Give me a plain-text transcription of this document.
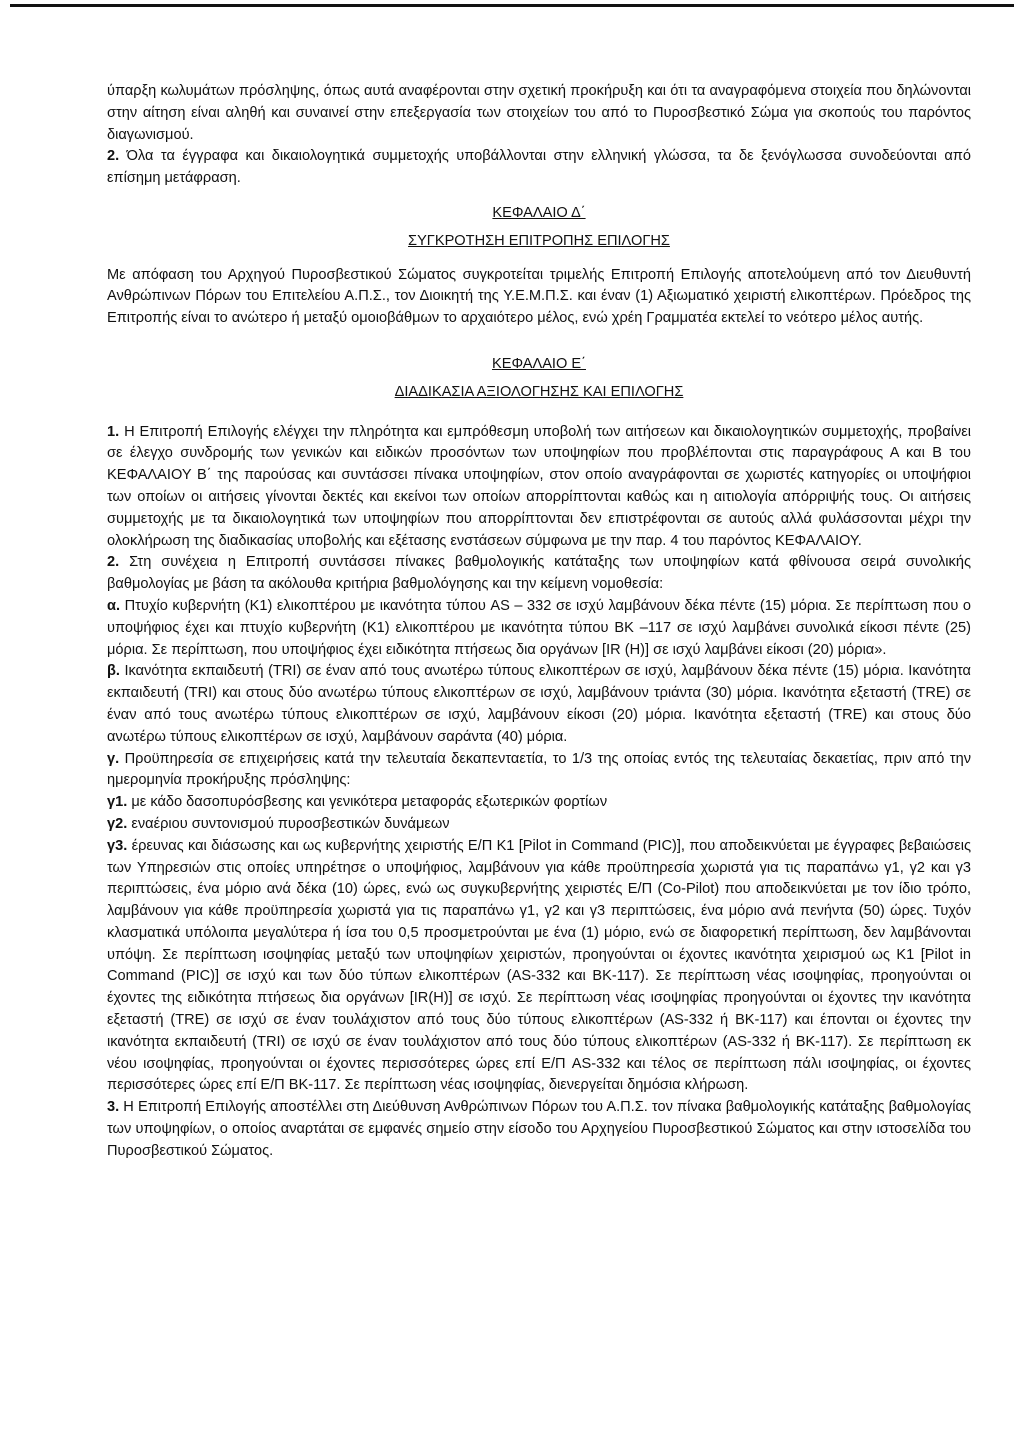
ύπαρξη κωλυμάτων πρόσληψης, όπως αυτά αναφέρονται στην σχετική προκήρυξη και ότι τα αναγραφόμενα στοιχεία που δηλώνονται στην αίτηση είναι αληθή και συναινεί στην επεξεργασία των στοιχείων του από το Πυροσβεστικό Σώμα για σκοπούς του παρόντος διαγωνισμού.

2. Όλα τα έγγραφα και δικαιολογητικά συμμετοχής υποβάλλονται στην ελληνική γλώσσα, τα δε ξενόγλωσσα συνοδεύονται από επίσημη μετάφραση.

ΚΕΦΑΛΑΙΟ Δ΄

ΣΥΓΚΡΟΤΗΣΗ ΕΠΙΤΡΟΠΗΣ ΕΠΙΛΟΓΗΣ

Με απόφαση του Αρχηγού Πυροσβεστικού Σώματος συγκροτείται τριμελής Επιτροπή Επιλογής αποτελούμενη από τον Διευθυντή Ανθρώπινων Πόρων του Επιτελείου Α.Π.Σ., τον Διοικητή της Υ.Ε.Μ.Π.Σ. και έναν (1) Αξιωματικό χειριστή ελικοπτέρων. Πρόεδρος της Επιτροπής είναι το ανώτερο ή μεταξύ ομοιοβάθμων το αρχαιότερο μέλος, ενώ χρέη Γραμματέα εκτελεί το νεότερο μέλος αυτής.

ΚΕΦΑΛΑΙΟ Ε΄

ΔΙΑΔΙΚΑΣΙΑ ΑΞΙΟΛΟΓΗΣΗΣ ΚΑΙ ΕΠΙΛΟΓΗΣ

1. Η Επιτροπή Επιλογής ελέγχει την πληρότητα και εμπρόθεσμη υποβολή των αιτήσεων και δικαιολογητικών συμμετοχής, προβαίνει σε έλεγχο συνδρομής των γενικών και ειδικών προσόντων των υποψηφίων που προβλέπονται στις παραγράφους Α και Β του ΚΕΦΑΛΑΙΟΥ Β΄ της παρούσας και συντάσσει πίνακα υποψηφίων, στον οποίο αναγράφονται σε χωριστές κατηγορίες οι υποψήφιοι των οποίων οι αιτήσεις γίνονται δεκτές και εκείνοι των οποίων απορρίπτονται καθώς και η αιτιολογία απόρριψής τους. Οι αιτήσεις συμμετοχής με τα δικαιολογητικά των υποψηφίων που απορρίπτονται δεν επιστρέφονται σε αυτούς αλλά φυλάσσονται μέχρι την ολοκλήρωση της διαδικασίας υποβολής και εξέτασης ενστάσεων σύμφωνα με την παρ. 4 του παρόντος ΚΕΦΑΛΑΙΟΥ.

2. Στη συνέχεια η Επιτροπή συντάσσει πίνακες βαθμολογικής κατάταξης των υποψηφίων κατά φθίνουσα σειρά συνολικής βαθμολογίας με βάση τα ακόλουθα κριτήρια βαθμολόγησης και την κείμενη νομοθεσία:

α. Πτυχίο κυβερνήτη (Κ1) ελικοπτέρου με ικανότητα τύπου AS – 332 σε ισχύ λαμβάνουν δέκα πέντε (15) μόρια. Σε περίπτωση που ο υποψήφιος έχει και πτυχίο κυβερνήτη (Κ1) ελικοπτέρου με ικανότητα τύπου ΒΚ –117 σε ισχύ λαμβάνει συνολικά είκοσι πέντε (25) μόρια. Σε περίπτωση, που υποψήφιος έχει ειδικότητα πτήσεως δια οργάνων [IR (H)] σε ισχύ λαμβάνει είκοσι (20) μόρια».

β. Ικανότητα εκπαιδευτή (TRI) σε έναν από τους ανωτέρω τύπους ελικοπτέρων σε ισχύ, λαμβάνουν δέκα πέντε (15) μόρια. Ικανότητα εκπαιδευτή (TRI) και στους δύο ανωτέρω τύπους ελικοπτέρων σε ισχύ, λαμβάνουν τριάντα (30) μόρια. Ικανότητα εξεταστή (TRE) σε έναν από τους ανωτέρω τύπους ελικοπτέρων σε ισχύ, λαμβάνουν είκοσι (20) μόρια. Ικανότητα εξεταστή (TRE) και στους δύο ανωτέρω τύπους ελικοπτέρων σε ισχύ, λαμβάνουν σαράντα (40) μόρια.

γ. Προϋπηρεσία σε επιχειρήσεις κατά την τελευταία δεκαπενταετία, το 1/3 της οποίας εντός της τελευταίας δεκαετίας, πριν από την ημερομηνία προκήρυξης πρόσληψης:

γ1. με κάδο δασοπυρόσβεσης και γενικότερα μεταφοράς εξωτερικών φορτίων

γ2. εναέριου συντονισμού πυροσβεστικών δυνάμεων

γ3. έρευνας και διάσωσης και ως κυβερνήτης χειριστής Ε/Π Κ1 [Pilot in Command (PIC)], που αποδεικνύεται με έγγραφες βεβαιώσεις των Υπηρεσιών στις οποίες υπηρέτησε ο υποψήφιος, λαμβάνουν για κάθε προϋπηρεσία χωριστά για τις παραπάνω γ1, γ2 και γ3 περιπτώσεις, ένα μόριο ανά δέκα (10) ώρες, ενώ ως συγκυβερνήτης χειριστές Ε/Π (Co-Pilot) που αποδεικνύεται με τον ίδιο τρόπο, λαμβάνουν για κάθε προϋπηρεσία χωριστά για τις παραπάνω γ1, γ2 και γ3 περιπτώσεις, ένα μόριο ανά πενήντα (50) ώρες. Τυχόν κλασματικά υπόλοιπα μεγαλύτερα ή ίσα του 0,5 προσμετρούνται με ένα (1) μόριο, ενώ σε διαφορετική περίπτωση, δεν λαμβάνονται υπόψη. Σε περίπτωση ισοψηφίας μεταξύ των υποψηφίων χειριστών, προηγούνται οι έχοντες ικανότητα χειρισμού ως Κ1 [Pilot in Command (PIC)] σε ισχύ και των δύο τύπων ελικοπτέρων (AS-332 και BK-117). Σε περίπτωση νέας ισοψηφίας, προηγούνται οι έχοντες της ειδικότητα πτήσεως δια οργάνων [IR(H)] σε ισχύ. Σε περίπτωση νέας ισοψηφίας προηγούνται οι έχοντες την ικανότητα εξεταστή (TRE) σε ισχύ σε έναν τουλάχιστον από τους δύο τύπους ελικοπτέρων (AS-332 ή ΒΚ-117) και έπονται οι έχοντες την ικανότητα εκπαιδευτή (TRI) σε ισχύ σε έναν τουλάχιστον από τους δύο τύπους ελικοπτέρων (AS-332 ή ΒΚ-117). Σε περίπτωση εκ νέου ισοψηφίας, προηγούνται οι έχοντες περισσότερες ώρες επί Ε/Π AS-332 και τέλος σε περίπτωση πάλι ισοψηφίας, οι έχοντες περισσότερες ώρες επί Ε/Π ΒΚ-117. Σε περίπτωση νέας ισοψηφίας, διενεργείται δημόσια κλήρωση.

3. Η Επιτροπή Επιλογής αποστέλλει στη Διεύθυνση Ανθρώπινων Πόρων του Α.Π.Σ. τον πίνακα βαθμολογικής κατάταξης βαθμολογίας των υποψηφίων, ο οποίος αναρτάται σε εμφανές σημείο στην είσοδο του Αρχηγείου Πυροσβεστικού Σώματος και στην ιστοσελίδα του Πυροσβεστικού Σώματος.
